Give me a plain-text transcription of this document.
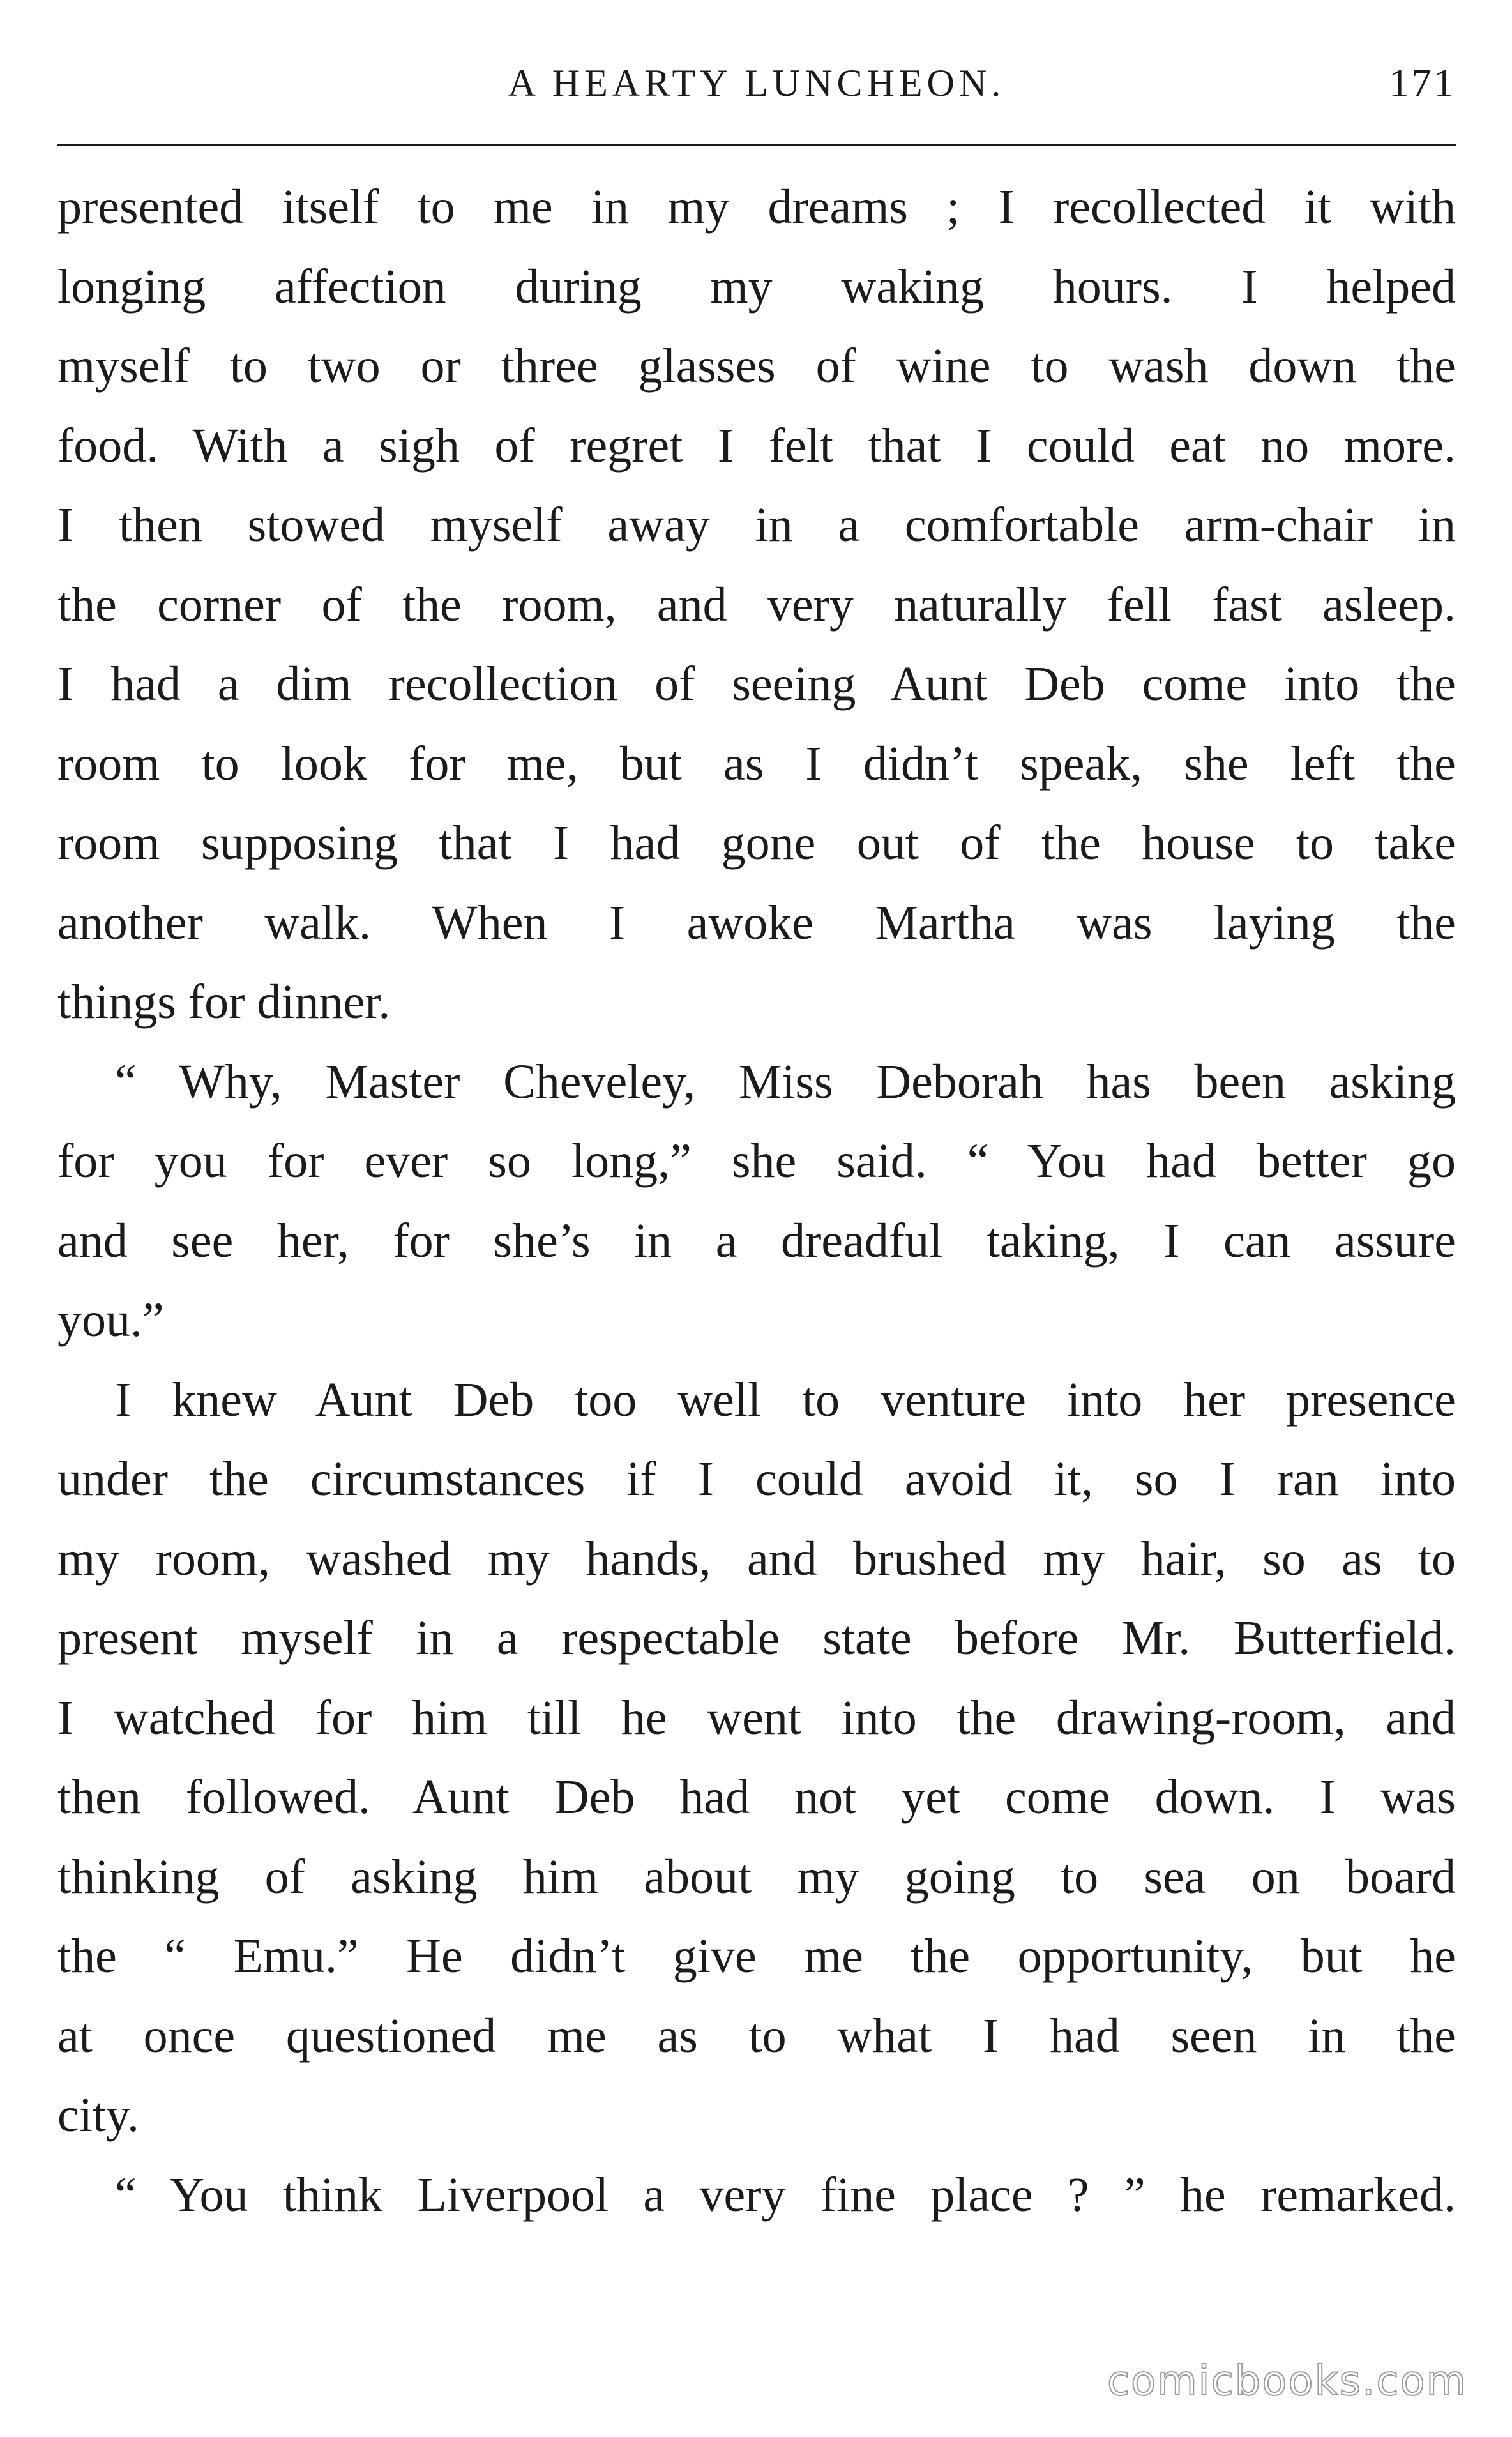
A HEARTY LUNCHEON.	171
presented itself to me in my dreams ; I recollected it with
longing affection during my waking hours. I helped
myself to two or three glasses of wine to wash down the
food. With a sigh of regret I felt that I could eat no more.
I then stowed myself away in a comfortable arm-chair in
the corner of the room, and very naturally fell fast asleep.
I had a dim recollection of seeing Aunt Deb come into the
room to look for me, but as I didn’t speak, she left the
room supposing that I had gone out of the house to take
another walk. When I awoke Martha was laying the
things for dinner.
“ Why, Master Cheveley, Miss Deborah has been asking
for you for ever so long,” she said. “ You had better go
and see her, for she’s in a dreadful taking, I can assure
you.”
I knew Aunt Deb too well to venture into her presence
under the circumstances if I could avoid it, so I ran into
my room, washed my hands, and brushed my hair, so as to
present myself in a respectable state before Mr. Butterfield.
I watched for him till he went into the drawing-room, and
then followed. Aunt Deb had not yet come down. I was
thinking of asking him about my going to sea on board
the “ Emu.” He didn’t give me the opportunity, but he
at once questioned me as to what I had seen in the
city.
“ You think Liverpool a very fine place ? ” he remarked.
comicbooks.com
